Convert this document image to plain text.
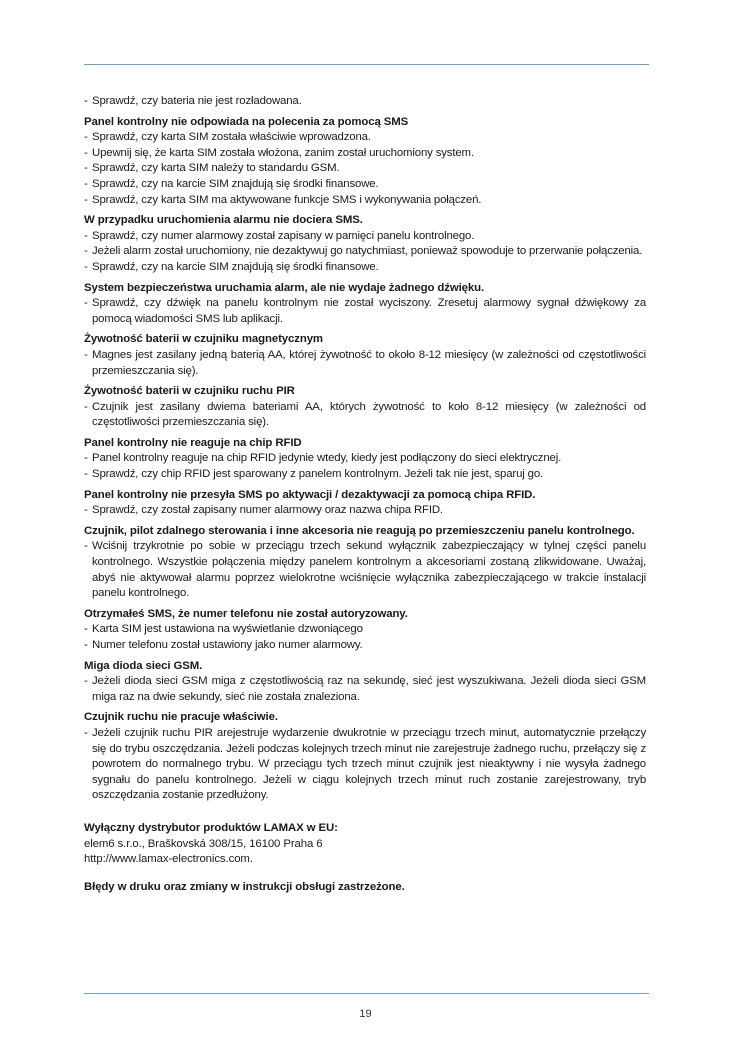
- Sprawdź, czy bateria nie jest rozładowana.
Panel kontrolny nie odpowiada na polecenia za pomocą SMS
- Sprawdź, czy karta SIM została właściwie wprowadzona.
- Upewnij się, że karta SIM została włożona, zanim został uruchomiony system.
- Sprawdź, czy karta SIM należy to standardu GSM.
- Sprawdź, czy na karcie SIM znajdują się środki finansowe.
- Sprawdź, czy karta SIM ma aktywowane funkcje SMS i wykonywania połączeń.
W przypadku uruchomienia alarmu nie dociera SMS.
- Sprawdź, czy numer alarmowy został zapisany w pamięci panelu kontrolnego.
- Jeżeli alarm został uruchomiony, nie dezaktywuj go natychmiast, ponieważ spowoduje to przerwanie połączenia.
- Sprawdź, czy na karcie SIM znajdują się środki finansowe.
System bezpieczeństwa uruchamia alarm, ale nie wydaje żadnego dźwięku.
- Sprawdź, czy dźwięk na panelu kontrolnym nie został wyciszony. Zresetuj alarmowy sygnał dźwiękowy za pomocą wiadomości SMS lub aplikacji.
Żywotność baterii w czujniku magnetycznym
- Magnes jest zasilany jedną baterią AA, której żywotność to około 8-12 miesięcy (w zależności od częstotliwości przemieszczania się).
Żywotność baterii w czujniku ruchu PIR
- Czujnik jest zasilany dwiema bateriami AA, których żywotność to koło 8-12 miesięcy (w zależności od częstotliwości przemieszczania się).
Panel kontrolny nie reaguje na chip RFID
- Panel kontrolny reaguje na chip RFID jedynie wtedy, kiedy jest podłączony do sieci elektrycznej.
- Sprawdź, czy chip RFID jest sparowany z panelem kontrolnym. Jeżeli tak nie jest, sparuj go.
Panel kontrolny nie przesyła SMS po aktywacji / dezaktywacji za pomocą chipa RFID.
- Sprawdź, czy został zapisany numer alarmowy oraz nazwa chipa RFID.
Czujnik, pilot zdalnego sterowania i inne akcesoria nie reagują po przemieszczeniu panelu kontrolnego.
- Wciśnij trzykrotnie po sobie w przeciągu trzech sekund wyłącznik zabezpieczający w tylnej części panelu kontrolnego. Wszystkie połączenia między panelem kontrolnym a akcesoriami zostaną zlikwidowane. Uważaj, abyś nie aktywował alarmu poprzez wielokrotne wciśnięcie wyłącznika zabezpieczającego w trakcie instalacji panelu kontrolnego.
Otrzymałeś SMS, że numer telefonu nie został autoryzowany.
- Karta SIM jest ustawiona na wyświetlanie dzwoniącego
- Numer telefonu został ustawiony jako numer alarmowy.
Miga dioda sieci GSM.
- Jeżeli dioda sieci GSM miga z częstotliwością raz na sekundę, sieć jest wyszukiwana. Jeżeli dioda sieci GSM miga raz na dwie sekundy, sieć nie została znaleziona.
Czujnik ruchu nie pracuje właściwie.
- Jeżeli czujnik ruchu PIR arejestruje wydarzenie dwukrotnie w przeciągu trzech minut, automatycznie przełączy się do trybu oszczędzania. Jeżeli podczas kolejnych trzech minut nie zarejestruje żadnego ruchu, przełączy się z powrotem do normalnego trybu. W przeciągu tych trzech minut czujnik jest nieaktywny i nie wysyła żadnego sygnału do panelu kontrolnego. Jeżeli w ciągu kolejnych trzech minut ruch zostanie zarejestrowany, tryb oszczędzania zostanie przedłużony.
Wyłączny dystrybutor produktów LAMAX w EU:
elem6 s.r.o., Braškovská 308/15, 16100 Praha 6
http://www.lamax-electronics.com.
Błędy w druku oraz zmiany w instrukcji obsługi zastrzeżone.
19
